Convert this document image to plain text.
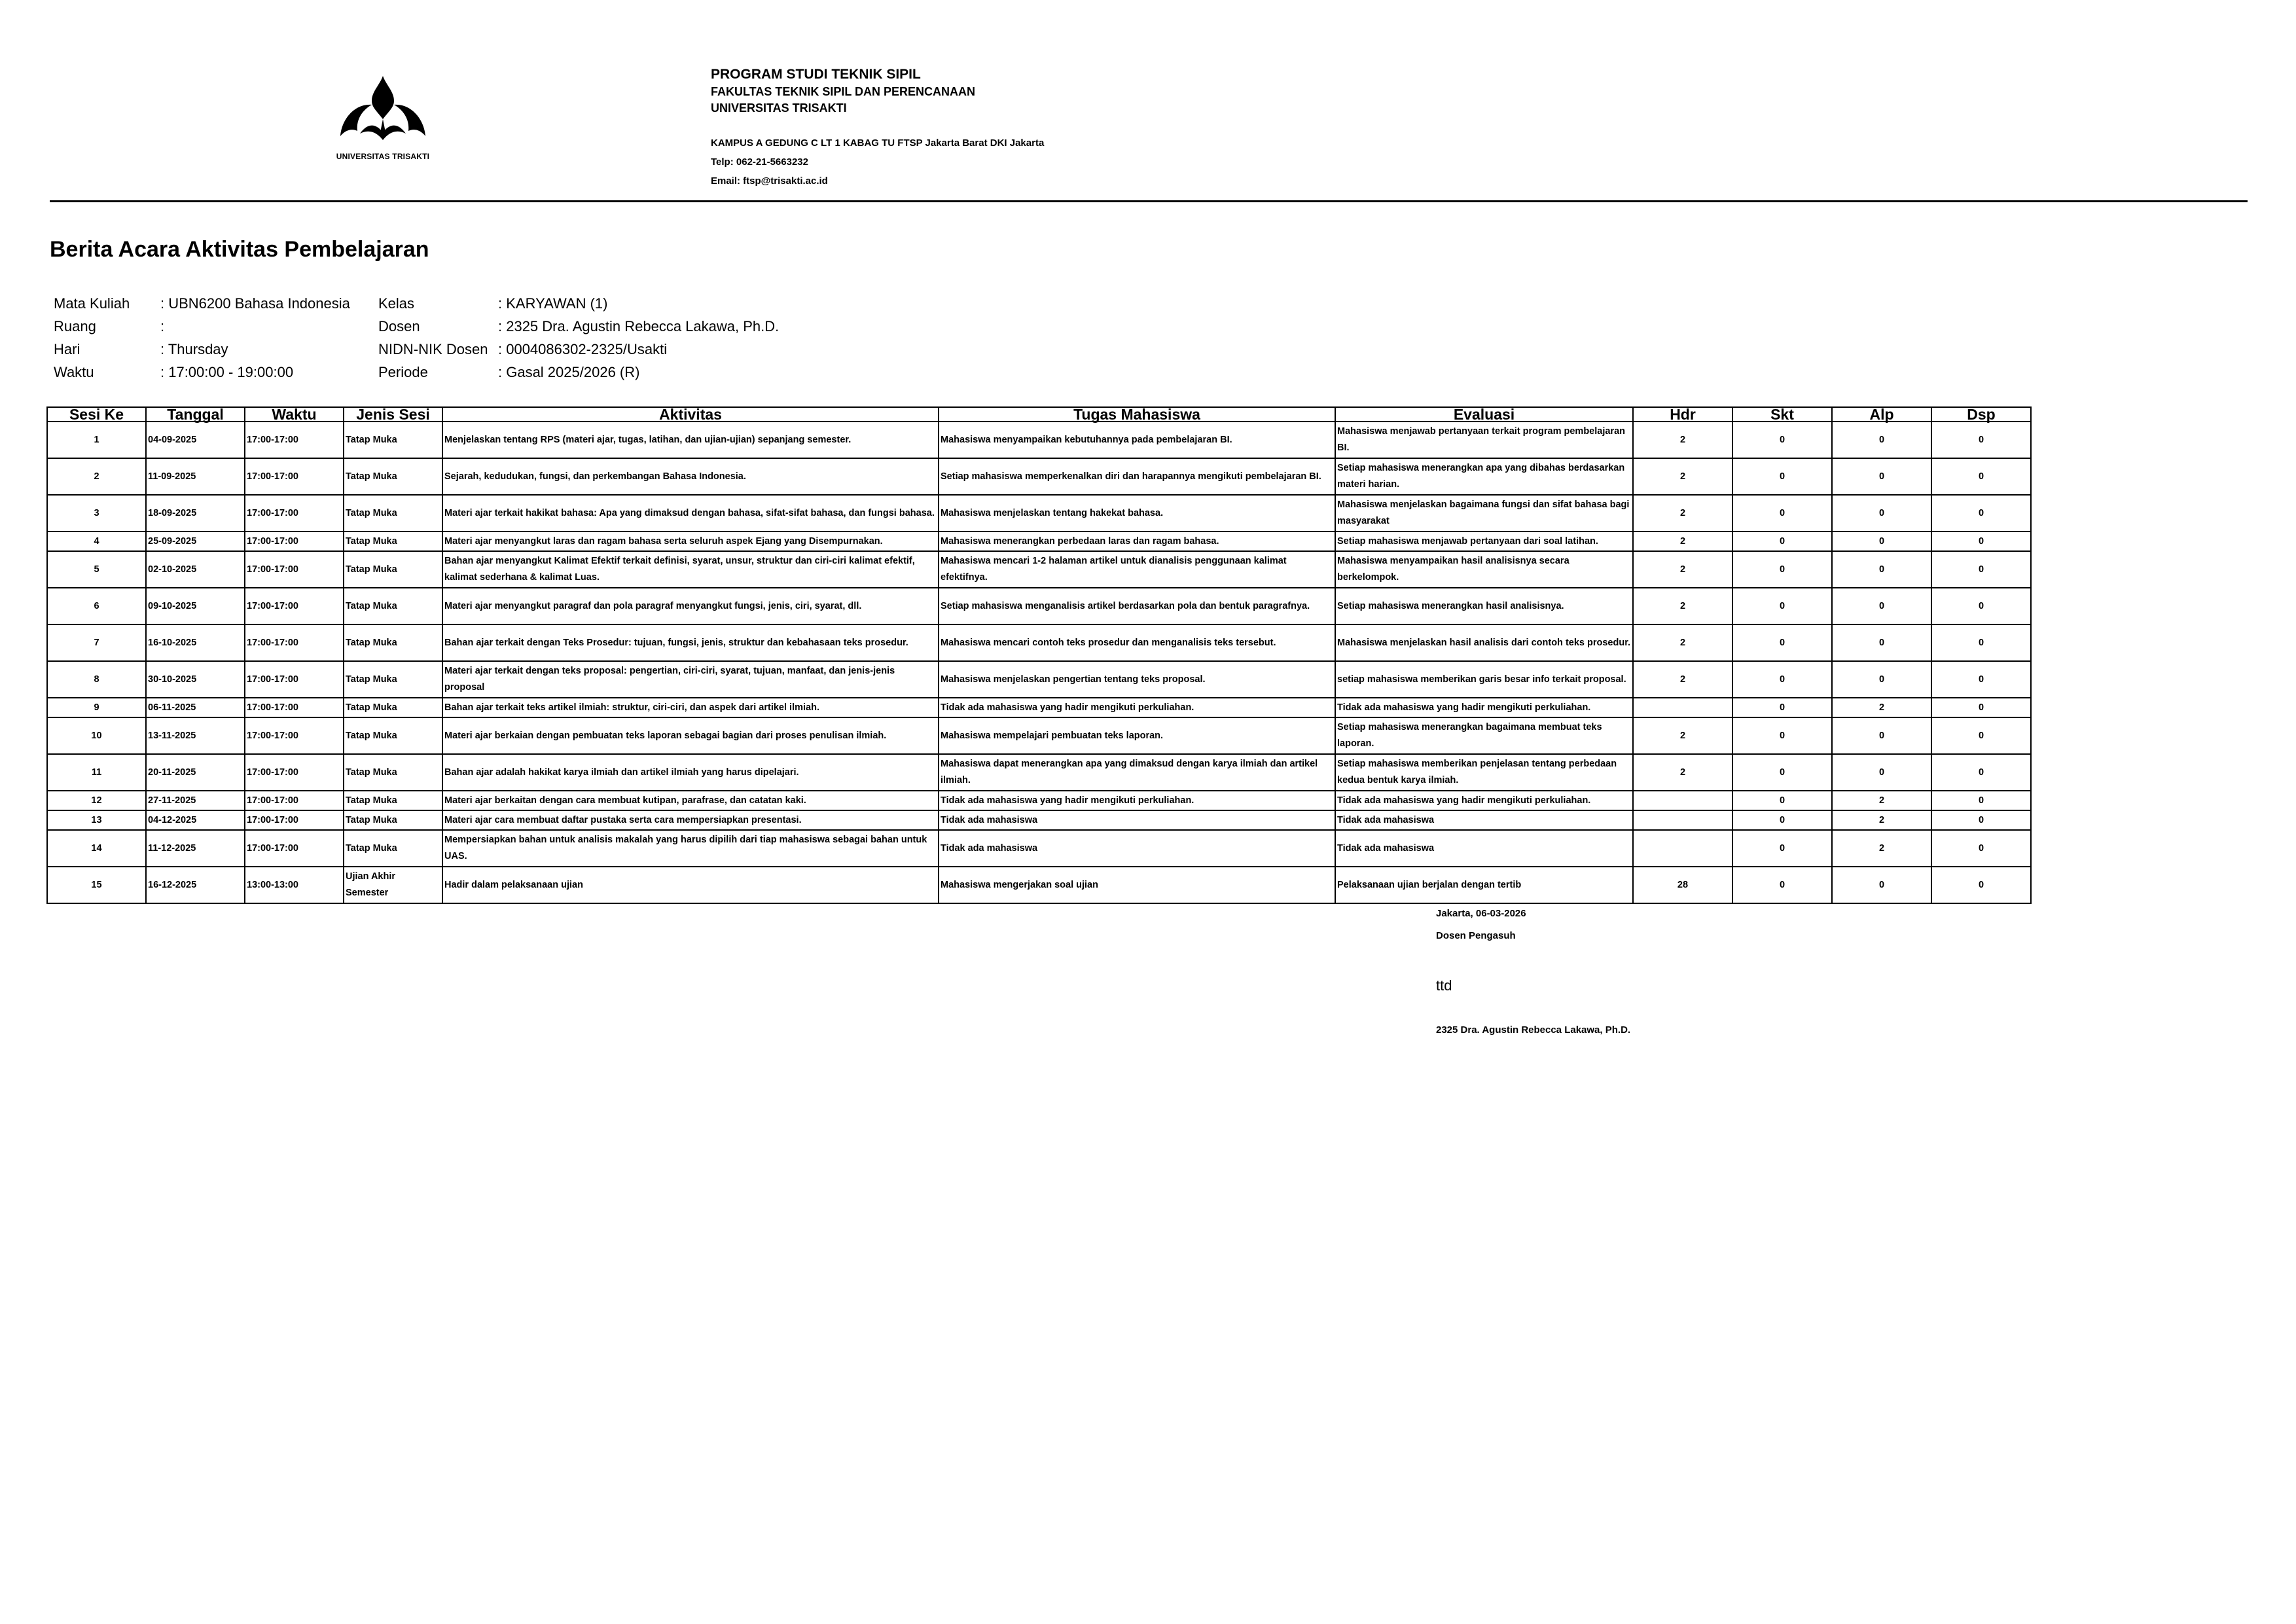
UNIVERSITAS TRISAKTI
PROGRAM STUDI TEKNIK SIPIL
FAKULTAS TEKNIK SIPIL DAN PERENCANAAN
UNIVERSITAS TRISAKTI
KAMPUS A GEDUNG C LT 1 KABAG TU FTSP Jakarta Barat DKI Jakarta
Telp: 062-21-5663232
Email: ftsp@trisakti.ac.id
Berita Acara Aktivitas Pembelajaran
Mata Kuliah : UBN6200 Bahasa Indonesia Kelas	: KARYAWAN (1)
Ruang	:	Dosen	: 2325 Dra. Agustin Rebecca Lakawa, Ph.D.
Hari	: Thursday	NIDN-NIK Dosen : 0004086302-2325/Usakti
Waktu	: 17:00:00 - 19:00:00	Periode	: Gasal 2025/2026 (R)
Sesi Ke	Tanggal	Waktu	Jenis Sesi	Aktivitas	Tugas Mahasiswa	Evaluasi	Hdr	Skt	Alp	Dsp
1	04-09-2025	17:00-17:00	Tatap Muka	Menjelaskan tentang RPS (materi ajar, tugas, latihan, dan ujian-ujian) sepanjang semester.	Mahasiswa menyampaikan kebutuhannya pada pembelajaran BI.	Mahasiswa menjawab pertanyaan terkait program pembelajaran BI.	2	0	0	0
2	11-09-2025	17:00-17:00	Tatap Muka	Sejarah, kedudukan, fungsi, dan perkembangan Bahasa Indonesia.	Setiap mahasiswa memperkenalkan diri dan harapannya mengikuti pembelajaran BI.	Setiap mahasiswa menerangkan apa yang dibahas berdasarkan materi harian.	2	0	0	0
3	18-09-2025	17:00-17:00	Tatap Muka	Materi ajar terkait hakikat bahasa: Apa yang dimaksud dengan bahasa, sifat-sifat bahasa, dan fungsi bahasa.	Mahasiswa menjelaskan tentang hakekat bahasa.	Mahasiswa menjelaskan bagaimana fungsi dan sifat bahasa bagi masyarakat	2	0	0	0
4	25-09-2025	17:00-17:00	Tatap Muka	Materi ajar menyangkut laras dan ragam bahasa serta seluruh aspek Ejang yang Disempurnakan.	Mahasiswa menerangkan perbedaan laras dan ragam bahasa.	Setiap mahasiswa menjawab pertanyaan dari soal latihan.	2	0	0	0
5	02-10-2025	17:00-17:00	Tatap Muka	Bahan ajar menyangkut Kalimat Efektif terkait definisi, syarat, unsur, struktur dan ciri-ciri kalimat efektif, kalimat sederhana & kalimat Luas.	Mahasiswa mencari 1-2 halaman artikel untuk dianalisis penggunaan kalimat efektifnya.	Mahasiswa menyampaikan hasil analisisnya secara berkelompok.	2	0	0	0
6	09-10-2025	17:00-17:00	Tatap Muka	Materi ajar menyangkut paragraf dan pola paragraf menyangkut fungsi, jenis, ciri, syarat, dll.	Setiap mahasiswa menganalisis artikel berdasarkan pola dan bentuk paragrafnya.	Setiap mahasiswa menerangkan hasil analisisnya.	2	0	0	0
7	16-10-2025	17:00-17:00	Tatap Muka	Bahan ajar terkait dengan Teks Prosedur: tujuan, fungsi, jenis, struktur dan kebahasaan teks prosedur.	Mahasiswa mencari contoh teks prosedur dan menganalisis teks tersebut.	Mahasiswa menjelaskan hasil analisis dari contoh teks prosedur.	2	0	0	0
8	30-10-2025	17:00-17:00	Tatap Muka	Materi ajar terkait dengan teks proposal: pengertian, ciri-ciri, syarat, tujuan, manfaat, dan jenis-jenis proposal	Mahasiswa menjelaskan pengertian tentang teks proposal.	setiap mahasiswa memberikan garis besar info terkait proposal.	2	0	0	0
9	06-11-2025	17:00-17:00	Tatap Muka	Bahan ajar terkait teks artikel ilmiah: struktur, ciri-ciri, dan aspek dari artikel ilmiah.	Tidak ada mahasiswa yang hadir mengikuti perkuliahan.	Tidak ada mahasiswa yang hadir mengikuti perkuliahan.		0	2	0
10	13-11-2025	17:00-17:00	Tatap Muka	Materi ajar berkaian dengan pembuatan teks laporan sebagai bagian dari proses penulisan ilmiah.	Mahasiswa mempelajari pembuatan teks laporan.	Setiap mahasiswa menerangkan bagaimana membuat teks laporan.	2	0	0	0
11	20-11-2025	17:00-17:00	Tatap Muka	Bahan ajar adalah hakikat karya ilmiah dan artikel ilmiah yang harus dipelajari.	Mahasiswa dapat menerangkan apa yang dimaksud dengan karya ilmiah dan artikel ilmiah.	Setiap mahasiswa memberikan penjelasan tentang perbedaan kedua bentuk karya ilmiah.	2	0	0	0
12	27-11-2025	17:00-17:00	Tatap Muka	Materi ajar berkaitan dengan cara membuat kutipan, parafrase, dan catatan kaki.	Tidak ada mahasiswa yang hadir mengikuti perkuliahan.	Tidak ada mahasiswa yang hadir mengikuti perkuliahan.		0	2	0
13	04-12-2025	17:00-17:00	Tatap Muka	Materi ajar cara membuat daftar pustaka serta cara mempersiapkan presentasi.	Tidak ada mahasiswa	Tidak ada mahasiswa		0	2	0
14	11-12-2025	17:00-17:00	Tatap Muka	Mempersiapkan bahan untuk analisis makalah yang harus dipilih dari tiap mahasiswa sebagai bahan untuk UAS.	Tidak ada mahasiswa	Tidak ada mahasiswa		0	2	0
15	16-12-2025	13:00-13:00	Ujian Akhir Semester	Hadir dalam pelaksanaan ujian	Mahasiswa mengerjakan soal ujian	Pelaksanaan ujian berjalan dengan tertib	28	0	0	0
Jakarta, 06-03-2026
Dosen Pengasuh
ttd
2325 Dra. Agustin Rebecca Lakawa, Ph.D.
